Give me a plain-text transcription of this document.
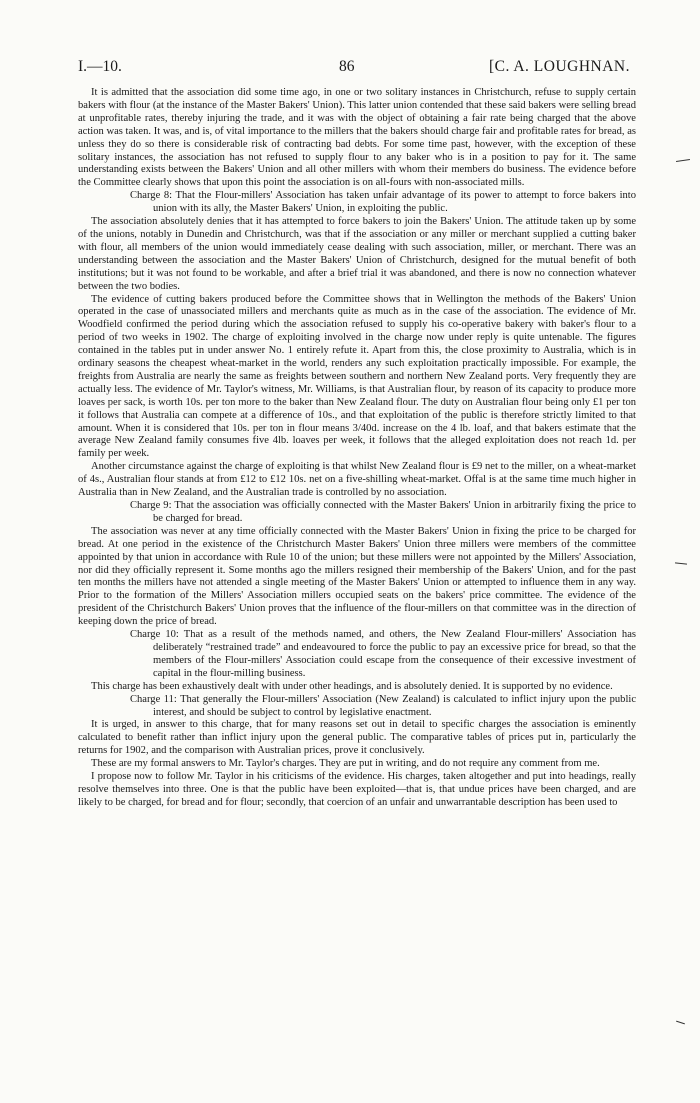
I.—10.	86	[C. A. LOUGHNAN.

It is admitted that the association did some time ago, in one or two solitary instances in Christchurch, refuse to supply certain bakers with flour (at the instance of the Master Bakers' Union). This latter union contended that these said bakers were selling bread at unprofitable rates, thereby injuring the trade, and it was with the object of obtaining a fair rate being charged that the above action was taken. It was, and is, of vital importance to the millers that the bakers should charge fair and profitable rates for bread, as unless they do so there is considerable risk of contracting bad debts. For some time past, however, with the exception of these solitary instances, the association has not refused to supply flour to any baker who is in a position to pay for it. The same understanding exists between the Bakers' Union and all other millers with whom their members do business. The evidence before the Committee clearly shows that upon this point the association is on all-fours with non-associated mills.

Charge 8: That the Flour-millers' Association has taken unfair advantage of its power to attempt to force bakers into union with its ally, the Master Bakers' Union, in exploiting the public.

The association absolutely denies that it has attempted to force bakers to join the Bakers' Union. The attitude taken up by some of the unions, notably in Dunedin and Christchurch, was that if the association or any miller or merchant supplied a cutting baker with flour, all members of the union would immediately cease dealing with such association, miller, or merchant. There was an understanding between the association and the Master Bakers' Union of Christchurch, designed for the mutual benefit of both institutions; but it was not found to be workable, and after a brief trial it was abandoned, and there is now no connection whatever between the two bodies.

The evidence of cutting bakers produced before the Committee shows that in Wellington the methods of the Bakers' Union operated in the case of unassociated millers and merchants quite as much as in the case of the association. The evidence of Mr. Woodfield confirmed the period during which the association refused to supply his co-operative bakery with baker's flour to a period of two weeks in 1902. The charge of exploiting involved in the charge now under reply is quite untenable. The figures contained in the tables put in under answer No. 1 entirely refute it. Apart from this, the close proximity to Australia, which is in ordinary seasons the cheapest wheat-market in the world, renders any such exploitation practically impossible. For example, the freights from Australia are nearly the same as freights between southern and northern New Zealand ports. Very frequently they are actually less. The evidence of Mr. Taylor's witness, Mr. Williams, is that Australian flour, by reason of its capacity to produce more loaves per sack, is worth 10s. per ton more to the baker than New Zealand flour. The duty on Australian flour being only £1 per ton it follows that Australia can compete at a difference of 10s., and that exploitation of the public is therefore strictly limited to that amount. When it is considered that 10s. per ton in flour means 3/40d. increase on the 4 lb. loaf, and that bakers estimate that the average New Zealand family consumes five 4lb. loaves per week, it follows that the alleged exploitation does not reach 1d. per family per week.

Another circumstance against the charge of exploiting is that whilst New Zealand flour is £9 net to the miller, on a wheat-market of 4s., Australian flour stands at from £12 to £12 10s. net on a five-shilling wheat-market. Offal is at the same time much higher in Australia than in New Zealand, and the Australian trade is controlled by no association.

Charge 9: That the association was officially connected with the Master Bakers' Union in arbitrarily fixing the price to be charged for bread.

The association was never at any time officially connected with the Master Bakers' Union in fixing the price to be charged for bread. At one period in the existence of the Christchurch Master Bakers' Union three millers were members of the committee appointed by that union in accordance with Rule 10 of the union; but these millers were not appointed by the Millers' Association, nor did they officially represent it. Some months ago the millers resigned their membership of the Bakers' Union, and for the past ten months the millers have not attended a single meeting of the Master Bakers' Union or attempted to influence them in any way. Prior to the formation of the Millers' Association millers occupied seats on the bakers' price committee. The evidence of the president of the Christchurch Bakers' Union proves that the influence of the flour-millers on that committee was in the direction of keeping down the price of bread.

Charge 10: That as a result of the methods named, and others, the New Zealand Flour-millers' Association has deliberately “restrained trade” and endeavoured to force the public to pay an excessive price for bread, so that the members of the Flour-millers' Association could escape from the consequence of their excessive investment of capital in the flour-milling business.

This charge has been exhaustively dealt with under other headings, and is absolutely denied. It is supported by no evidence.

Charge 11: That generally the Flour-millers' Association (New Zealand) is calculated to inflict injury upon the public interest, and should be subject to control by legislative enactment.

It is urged, in answer to this charge, that for many reasons set out in detail to specific charges the association is eminently calculated to benefit rather than inflict injury upon the general public. The comparative tables of prices put in, particularly the returns for 1902, and the comparison with Australian prices, prove it conclusively.

These are my formal answers to Mr. Taylor's charges. They are put in writing, and do not require any comment from me.

I propose now to follow Mr. Taylor in his criticisms of the evidence. His charges, taken altogether and put into headings, really resolve themselves into three. One is that the public have been exploited—that is, that undue prices have been charged, and are likely to be charged, for bread and for flour; secondly, that coercion of an unfair and unwarrantable description has been used to
